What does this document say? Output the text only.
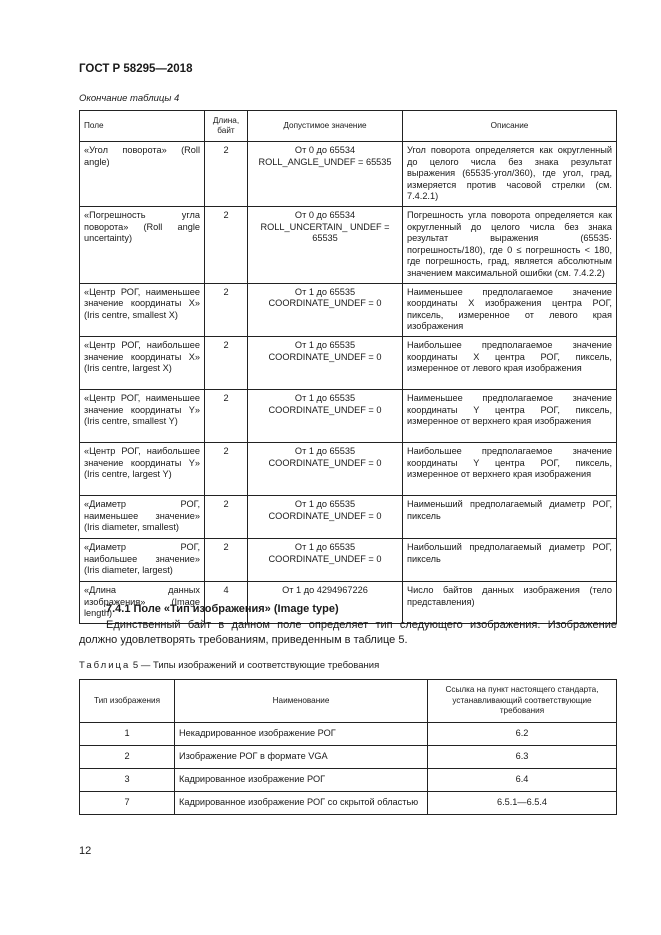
ГОСТ Р 58295—2018
Окончание таблицы 4
Поле	Длина, байт	Допустимое значение	Описание
«Угол поворота» (Roll angle)	2	От 0 до 65534 ROLL_ANGLE_UNDEF = 65535	Угол поворота определяется как округленный до целого числа без знака результат выражения (65535·угол/360), где угол, град, измеряется против часовой стрелки (см. 7.4.2.1)
«Погрешность угла поворота» (Roll angle uncertainty)	2	От 0 до 65534 ROLL_UNCERTAIN_ UNDEF = 65535	Погрешность угла поворота определяется как округленный до целого числа без знака результат выражения (65535· погрешность/180), где 0 ≤ погрешность < 180, где погрешность, град, является абсолютным значением максимальной ошибки (см. 7.4.2.2)
«Центр РОГ, наименьшее значение координаты X» (Iris centre, smallest X)	2	От 1 до 65535 COORDINATE_UNDEF = 0	Наименьшее предполагаемое значение координаты X изображения центра РОГ, пиксель, измеренное от левого края изображения
«Центр РОГ, наибольшее значение координаты X» (Iris centre, largest X)	2	От 1 до 65535 COORDINATE_UNDEF = 0	Наибольшее предполагаемое значение координаты X центра РОГ, пиксель, измеренное от левого края изображения
«Центр РОГ, наименьшее значение координаты Y» (Iris centre, smallest Y)	2	От 1 до 65535 COORDINATE_UNDEF = 0	Наименьшее предполагаемое значение координаты Y центра РОГ, пиксель, измеренное от верхнего края изображения
«Центр РОГ, наибольшее значение координаты Y» (Iris centre, largest Y)	2	От 1 до 65535 COORDINATE_UNDEF = 0	Наибольшее предполагаемое значение координаты Y центра РОГ, пиксель, измеренное от верхнего края изображения
«Диаметр РОГ, наименьшее значение» (Iris diameter, smallest)	2	От 1 до 65535 COORDINATE_UNDEF = 0	Наименьший предполагаемый диаметр РОГ, пиксель
«Диаметр РОГ, наибольшее значение» (Iris diameter, largest)	2	От 1 до 65535 COORDINATE_UNDEF = 0	Наибольший предполагаемый диаметр РОГ, пиксель
«Длина данных изображения» (Image length)	4	От 1 до 4294967226	Число байтов данных изображения (тело представления)
7.4.1 Поле «Тип изображения» (Image type)
Единственный байт в данном поле определяет тип следующего изображения. Изображение должно удовлетворять требованиям, приведенным в таблице 5.
Таблица 5 — Типы изображений и соответствующие требования
Тип изображения	Наименование	Ссылка на пункт настоящего стандарта, устанавливающий соответствующие требования
1	Некадрированное изображение РОГ	6.2
2	Изображение РОГ в формате VGA	6.3
3	Кадрированное изображение РОГ	6.4
7	Кадрированное изображение РОГ со скрытой областью	6.5.1—6.5.4
12
